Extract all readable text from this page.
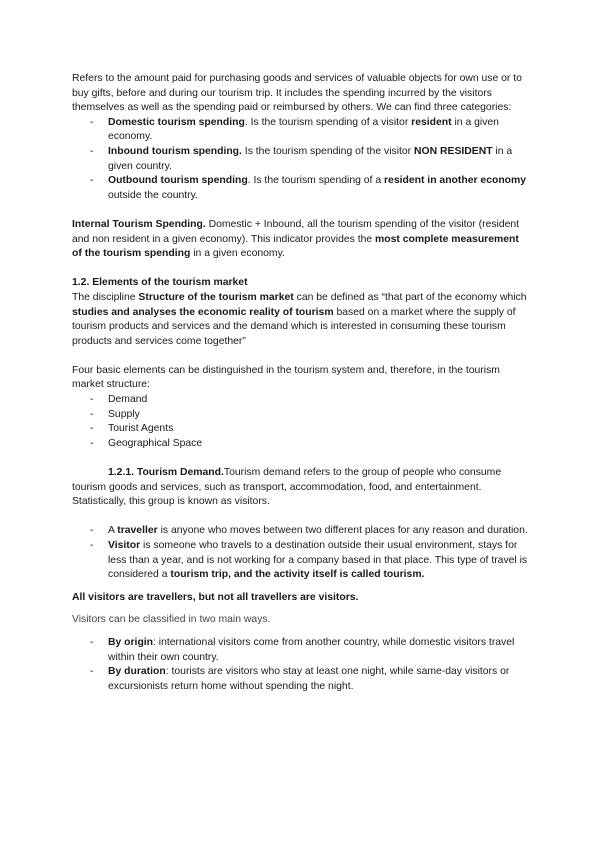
Refers to the amount paid for purchasing goods and services of valuable objects for own use or to buy gifts, before and during our tourism trip. It includes the spending incurred by the visitors themselves as well as the spending paid or reimbursed by others. We can find three categories:

- Domestic tourism spending. Is the tourism spending of a visitor resident in a given economy.
- Inbound tourism spending. Is the tourism spending of the visitor NON RESIDENT in a given country.
- Outbound tourism spending. Is the tourism spending of a resident in another economy outside the country.

Internal Tourism Spending. Domestic + Inbound, all the tourism spending of the visitor (resident and non resident in a given economy). This indicator provides the most complete measurement of the tourism spending in a given economy.

1.2. Elements of the tourism market

The discipline Structure of the tourism market can be defined as “that part of the economy which studies and analyses the economic reality of tourism based on a market where the supply of tourism products and services and the demand which is interested in consuming these tourism products and services come together”

Four basic elements can be distinguished in the tourism system and, therefore, in the tourism market structure:

- Demand
- Supply
- Tourist Agents
- Geographical Space

1.2.1. Tourism Demand.Tourism demand refers to the group of people who consume tourism goods and services, such as transport, accommodation, food, and entertainment. Statistically, this group is known as visitors.

- A traveller is anyone who moves between two different places for any reason and duration.
- Visitor is someone who travels to a destination outside their usual environment, stays for less than a year, and is not working for a company based in that place. This type of travel is considered a tourism trip, and the activity itself is called tourism.

All visitors are travellers, but not all travellers are visitors.

Visitors can be classified in two main ways.

- By origin: international visitors come from another country, while domestic visitors travel within their own country.
- By duration: tourists are visitors who stay at least one night, while same-day visitors or excursionists return home without spending the night.
